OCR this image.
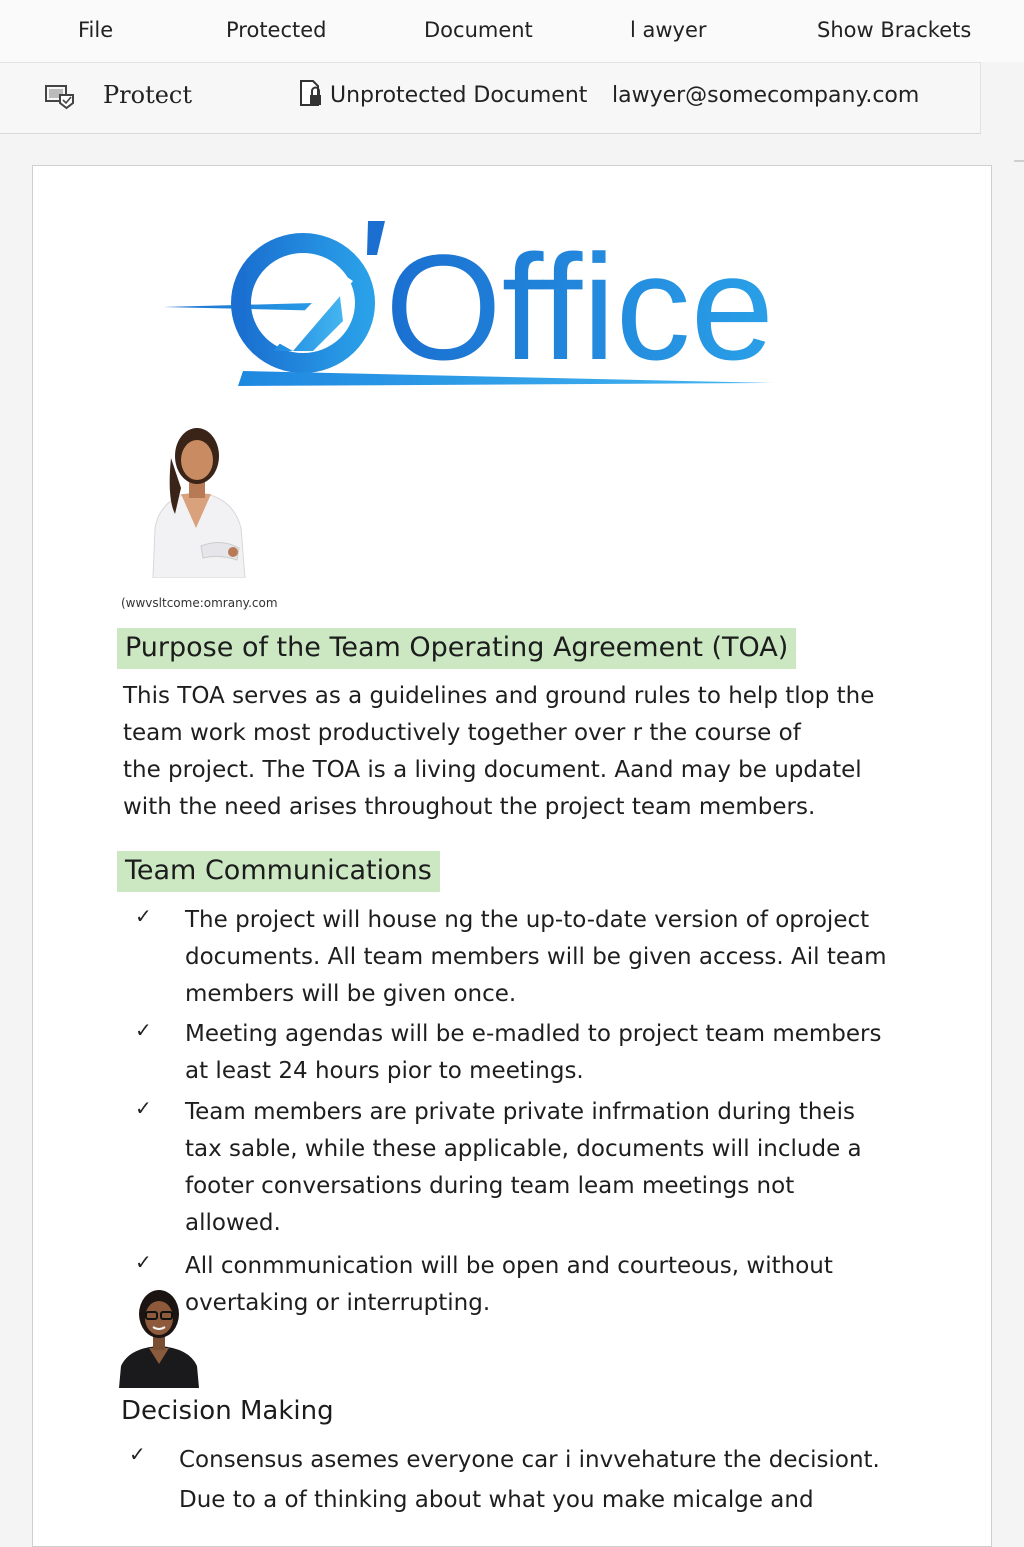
File	Protected	Document	l awyer	Show Brackets
Protect	Unprotected Document lawyer@somecompany.com
Office
(wwvsltcome:omrany.com
Purpose of the Team Operating Agreement (TOA)
This TOA serves as a guidelines and ground rules to help tlop the
team work most productively together over r the course of
the project. The TOA is a living document. Aand may be updatel
with the need arises throughout the project team members.
Team Communications
✓ The project will house ng the up-to-date version of oproject
documents. All team members will be given access. Ail team
members will be given once.
✓ Meeting agendas will be e-madled to project team members
at least 24 hours pior to meetings.
✓ Team members are private private infrmation during theis
tax sable, while these applicable, documents will include a
footer conversations during team leam meetings not
allowed.
✓ All conmmunication will be open and courteous, without
overtaking or interrupting.
Decision Making
✓ Consensus asemes everyone car i invvehature the decisiont.
Due to a of thinking about what you make micalge and
